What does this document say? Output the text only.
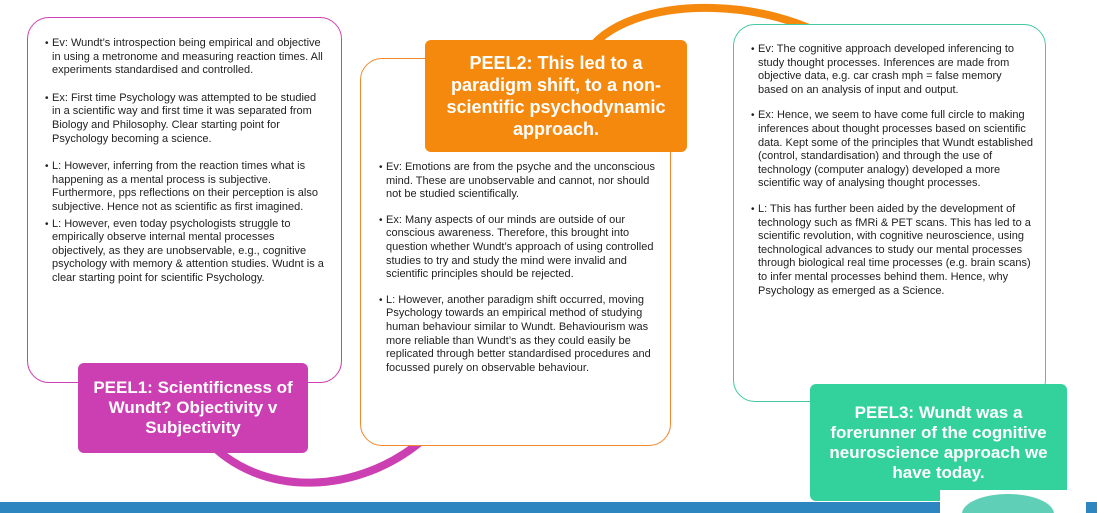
• Ev: Wundt’s introspection being empirical and objective in using a metronome and measuring reaction times. All experiments standardised and controlled.
• Ex: First time Psychology was attempted to be studied in a scientific way and first time it was separated from Biology and Philosophy. Clear starting point for Psychology becoming a science.
• L: However, inferring from the reaction times what is happening as a mental process is subjective. Furthermore, pps reflections on their perception is also subjective. Hence not as scientific as first imagined.
• L: However, even today psychologists struggle to empirically observe internal mental processes objectively, as they are unobservable, e.g., cognitive psychology with memory & attention studies. Wudnt is a clear starting point for scientific Psychology.
• Ev: Emotions are from the psyche and the unconscious mind. These are unobservable and cannot, nor should not be studied scientifically.
• Ex: Many aspects of our minds are outside of our conscious awareness. Therefore, this brought into question whether Wundt’s approach of using controlled studies to try and study the mind were invalid and scientific principles should be rejected.
• L: However, another paradigm shift occurred, moving Psychology towards an empirical method of studying human behaviour similar to Wundt. Behaviourism was more reliable than Wundt’s as they could easily be replicated through better standardised procedures and focussed purely on observable behaviour.
• Ev: The cognitive approach developed inferencing to study thought processes. Inferences are made from objective data, e.g. car crash mph = false memory based on an analysis of input and output.
• Ex: Hence, we seem to have come full circle to making inferences about thought processes based on scientific data. Kept some of the principles that Wundt established (control, standardisation) and through the use of technology (computer analogy) developed a more scientific way of analysing thought processes.
• L: This has further been aided by the development of technology such as fMRi & PET scans. This has led to a scientific revolution, with cognitive neuroscience, using technological advances to study our mental processes through biological real time processes (e.g. brain scans) to infer mental processes behind them. Hence, why Psychology as emerged as a Science.
PEEL1: Scientificness of Wundt? Objectivity v Subjectivity
PEEL2: This led to a paradigm shift, to a non-scientific psychodynamic approach.
PEEL3: Wundt was a forerunner of the cognitive neuroscience approach we have today.
